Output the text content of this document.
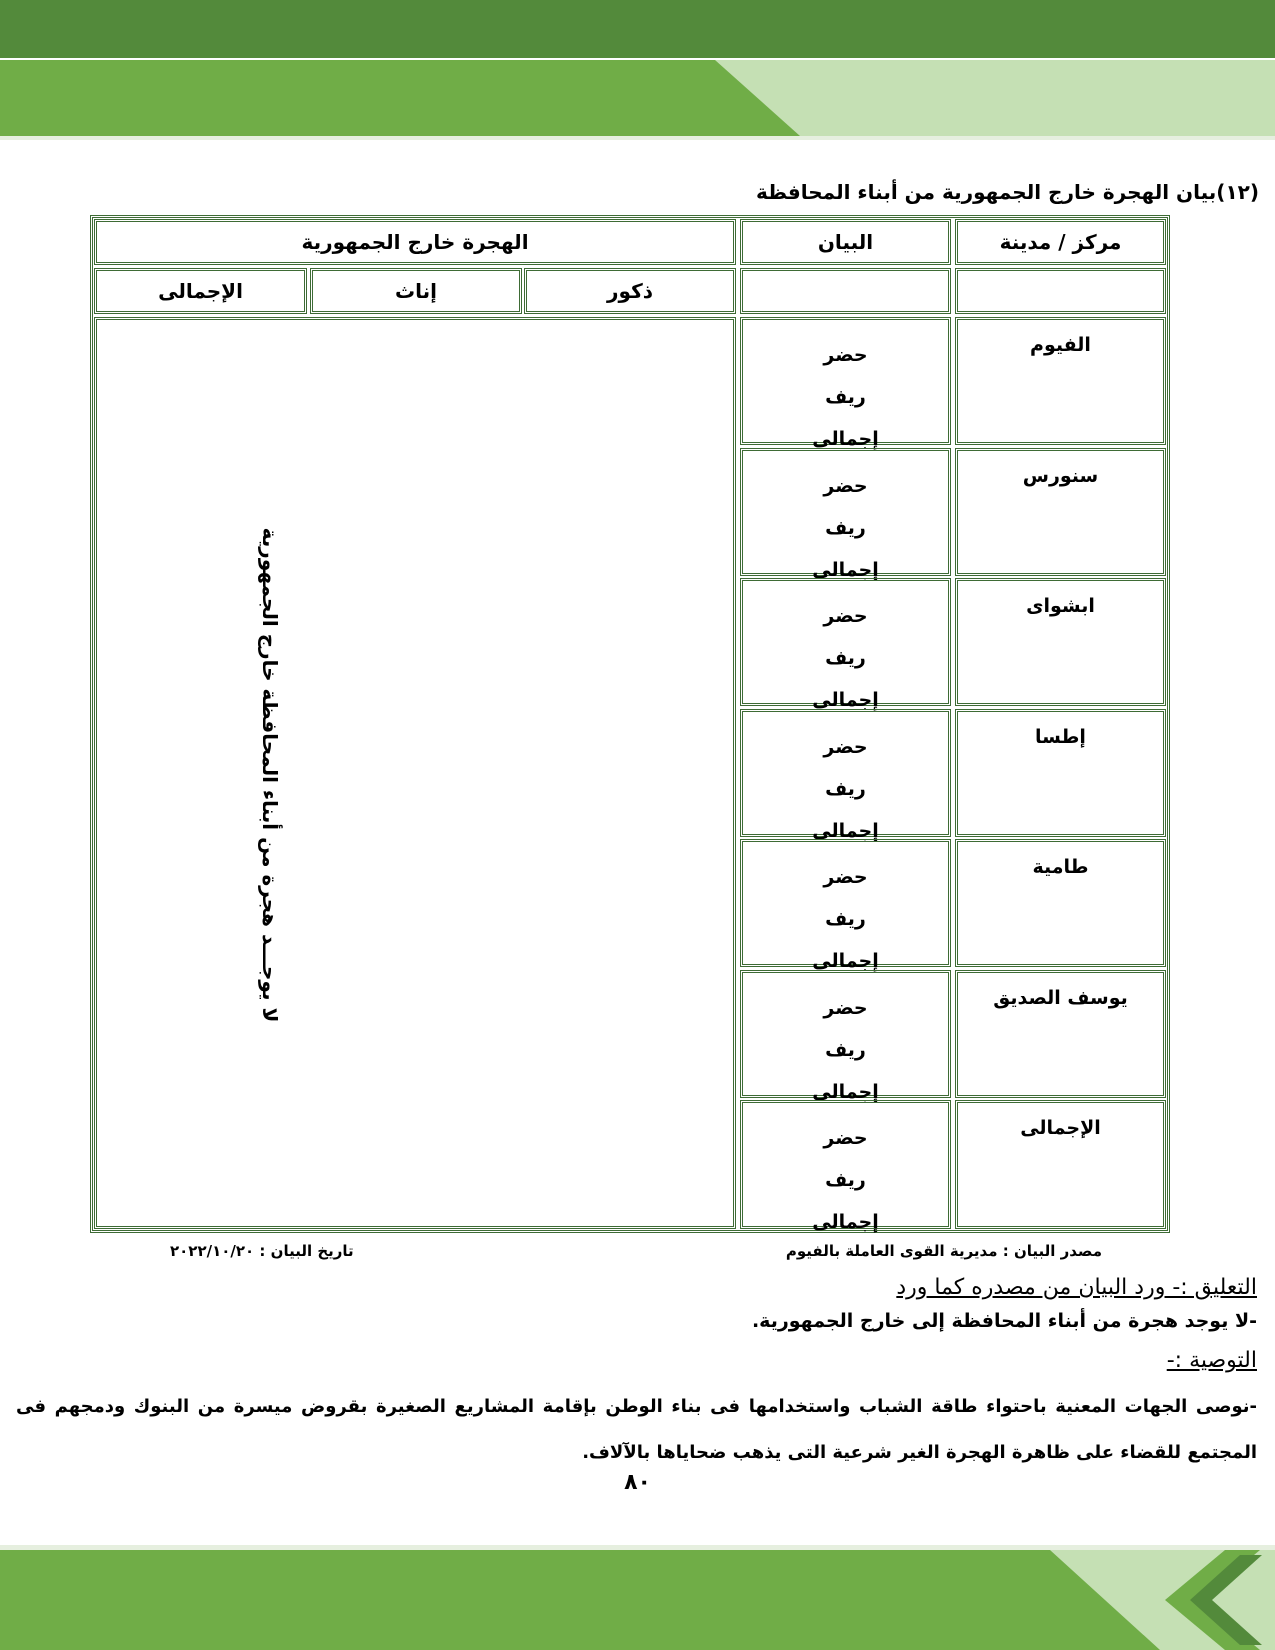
(١٢)بيان الهجرة خارج الجمهورية من أبناء المحافظة
مركز / مدينة
البيان
الهجرة خارج الجمهورية
ذكور
إناث
الإجمالى
الفيوم
حضر
ريف
إجمالى
سنورس
حضر
ريف
إجمالى
ابشواى
حضر
ريف
إجمالى
إطسا
حضر
ريف
إجمالى
طامية
حضر
ريف
إجمالى
يوسف الصديق
حضر
ريف
إجمالى
الإجمالى
حضر
ريف
إجمالى
لا يوجـــد هجرة من أبناء المحافظة خارج الجمهورية
مصدر البيان : مديرية القوى العاملة بالفيوم
تاريخ البيان : ٢٠٢٢/١٠/٢٠
التعليق :- ورد البيان من مصدره كما ورد
-لا يوجد هجرة من أبناء المحافظة إلى خارج الجمهورية.
التوصية :-
-نوصى الجهات المعنية باحتواء طاقة الشباب واستخدامها فى بناء الوطن بإقامة المشاريع الصغيرة بقروض ميسرة من البنوك ودمجهم فى المجتمع للقضاء على ظاهرة الهجرة الغير شرعية التى يذهب ضحاياها بالآلاف.
٨٠
